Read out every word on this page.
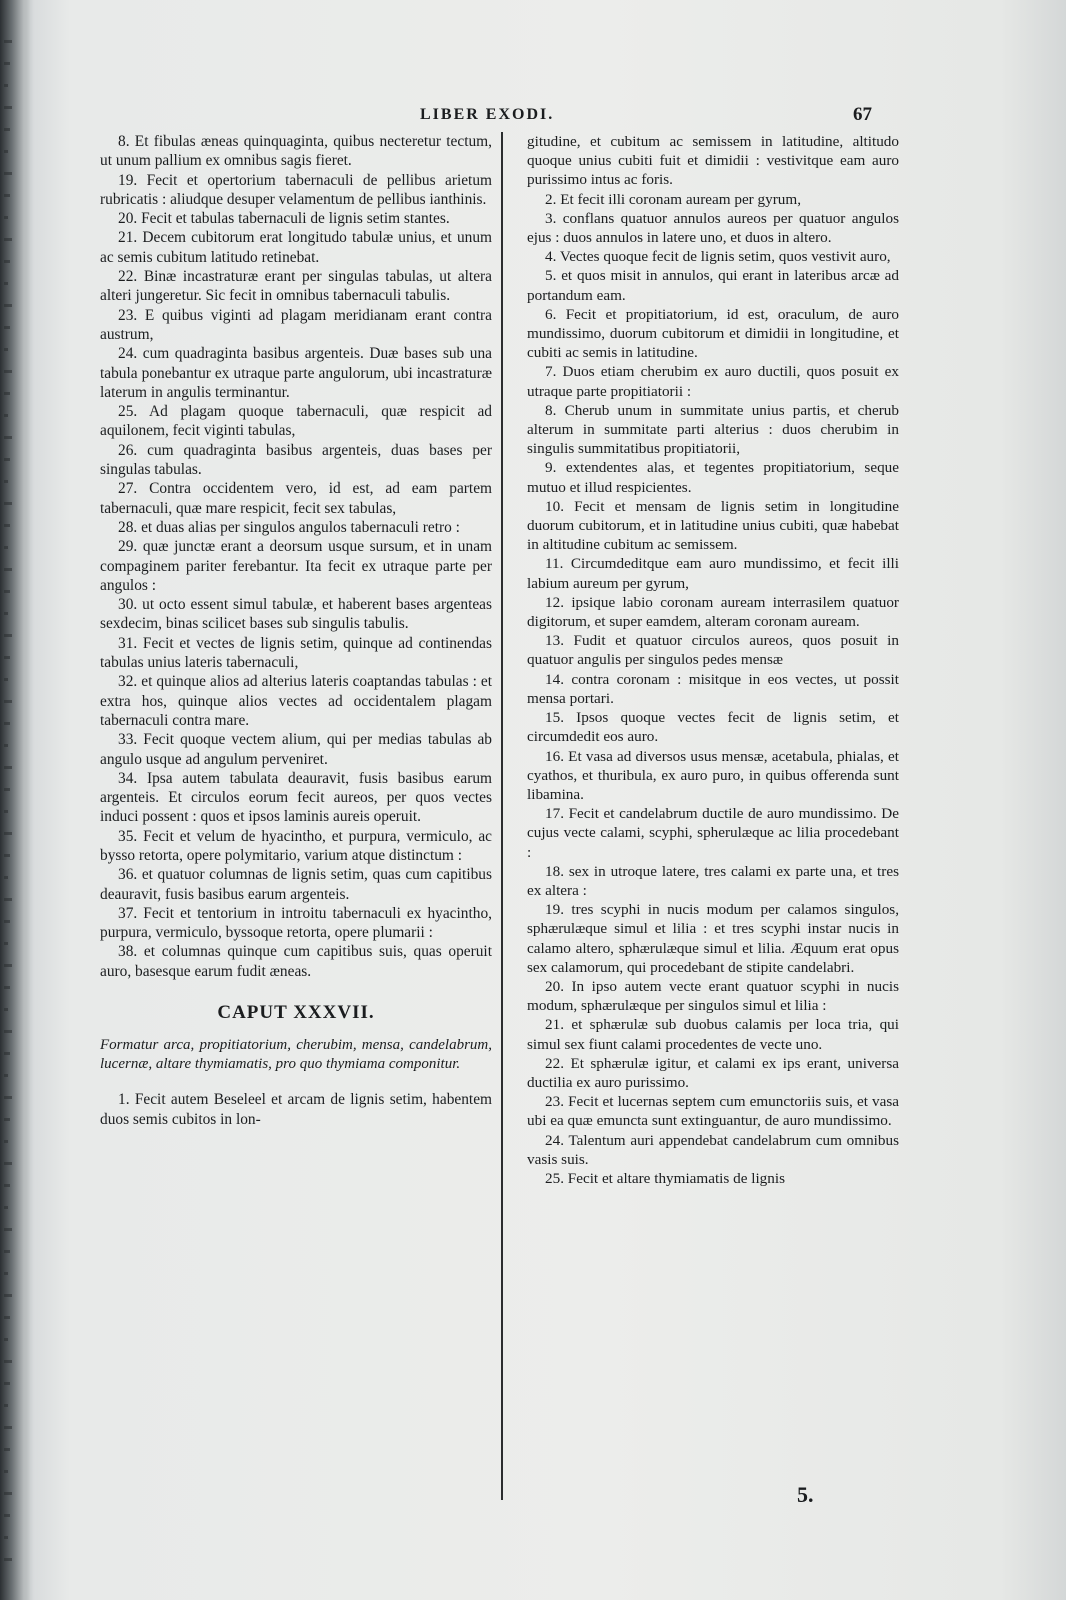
LIBER EXODI.	67

8. Et fibulas æneas quinquaginta, quibus necteretur tectum, ut unum pallium ex omnibus sagis fieret.

19. Fecit et opertorium tabernaculi de pellibus arietum rubricatis : aliudque desuper velamentum de pellibus ianthinis.

20. Fecit et tabulas tabernaculi de lignis setim stantes.

21. Decem cubitorum erat longitudo tabulæ unius, et unum ac semis cubitum latitudo retinebat.

22. Binæ incastraturæ erant per singulas tabulas, ut altera alteri jungeretur. Sic fecit in omnibus tabernaculi tabulis.

23. E quibus viginti ad plagam meridianam erant contra austrum,

24. cum quadraginta basibus argenteis. Duæ bases sub una tabula ponebantur ex utraque parte angulorum, ubi incastraturæ laterum in angulis terminantur.

25. Ad plagam quoque tabernaculi, quæ respicit ad aquilonem, fecit viginti tabulas,

26. cum quadraginta basibus argenteis, duas bases per singulas tabulas.

27. Contra occidentem vero, id est, ad eam partem tabernaculi, quæ mare respicit, fecit sex tabulas,

28. et duas alias per singulos angulos tabernaculi retro :

29. quæ junctæ erant a deorsum usque sursum, et in unam compaginem pariter ferebantur. Ita fecit ex utraque parte per angulos :

30. ut octo essent simul tabulæ, et haberent bases argenteas sexdecim, binas scilicet bases sub singulis tabulis.

31. Fecit et vectes de lignis setim, quinque ad continendas tabulas unius lateris tabernaculi,

32. et quinque alios ad alterius lateris coaptandas tabulas : et extra hos, quinque alios vectes ad occidentalem plagam tabernaculi contra mare.

33. Fecit quoque vectem alium, qui per medias tabulas ab angulo usque ad angulum perveniret.

34. Ipsa autem tabulata deauravit, fusis basibus earum argenteis. Et circulos eorum fecit aureos, per quos vectes induci possent : quos et ipsos laminis aureis operuit.

35. Fecit et velum de hyacintho, et purpura, vermiculo, ac bysso retorta, opere polymitario, varium atque distinctum :

36. et quatuor columnas de lignis setim, quas cum capitibus deauravit, fusis basibus earum argenteis.

37. Fecit et tentorium in introitu tabernaculi ex hyacintho, purpura, vermiculo, byssoque retorta, opere plumarii :

38. et columnas quinque cum capitibus suis, quas operuit auro, basesque earum fudit æneas.

CAPUT XXXVII.

Formatur arca, propitiatorium, cherubim, mensa, candelabrum, lucernæ, altare thymiamatis, pro quo thymiama componitur.

1. Fecit autem Beseleel et arcam de lignis setim, habentem duos semis cubitos in lon-

gitudine, et cubitum ac semissem in latitudine, altitudo quoque unius cubiti fuit et dimidii : vestivitque eam auro purissimo intus ac foris.

2. Et fecit illi coronam auream per gyrum,

3. conflans quatuor annulos aureos per quatuor angulos ejus : duos annulos in latere uno, et duos in altero.

4. Vectes quoque fecit de lignis setim, quos vestivit auro,

5. et quos misit in annulos, qui erant in lateribus arcæ ad portandum eam.

6. Fecit et propitiatorium, id est, oraculum, de auro mundissimo, duorum cubitorum et dimidii in longitudine, et cubiti ac semis in latitudine.

7. Duos etiam cherubim ex auro ductili, quos posuit ex utraque parte propitiatorii :

8. Cherub unum in summitate unius partis, et cherub alterum in summitate parti alterius : duos cherubim in singulis summitatibus propitiatorii,

9. extendentes alas, et tegentes propitiatorium, seque mutuo et illud respicientes.

10. Fecit et mensam de lignis setim in longitudine duorum cubitorum, et in latitudine unius cubiti, quæ habebat in altitudine cubitum ac semissem.

11. Circumdeditque eam auro mundissimo, et fecit illi labium aureum per gyrum,

12. ipsique labio coronam auream interrasilem quatuor digitorum, et super eamdem, alteram coronam auream.

13. Fudit et quatuor circulos aureos, quos posuit in quatuor angulis per singulos pedes mensæ

14. contra coronam : misitque in eos vectes, ut possit mensa portari.

15. Ipsos quoque vectes fecit de lignis setim, et circumdedit eos auro.

16. Et vasa ad diversos usus mensæ, acetabula, phialas, et cyathos, et thuribula, ex auro puro, in quibus offerenda sunt libamina.

17. Fecit et candelabrum ductile de auro mundissimo. De cujus vecte calami, scyphi, spherulæque ac lilia procedebant :

18. sex in utroque latere, tres calami ex parte una, et tres ex altera :

19. tres scyphi in nucis modum per calamos singulos, sphærulæque simul et lilia : et tres scyphi instar nucis in calamo altero, sphærulæque simul et lilia. Æquum erat opus sex calamorum, qui procedebant de stipite candelabri.

20. In ipso autem vecte erant quatuor scyphi in nucis modum, sphærulæque per singulos simul et lilia :

21. et sphærulæ sub duobus calamis per loca tria, qui simul sex fiunt calami procedentes de vecte uno.

22. Et sphærulæ igitur, et calami ex ips erant, universa ductilia ex auro purissimo.

23. Fecit et lucernas septem cum emunctoriis suis, et vasa ubi ea quæ emuncta sunt extinguantur, de auro mundissimo.

24. Talentum auri appendebat candelabrum cum omnibus vasis suis.

25. Fecit et altare thymiamatis de lignis

5.
